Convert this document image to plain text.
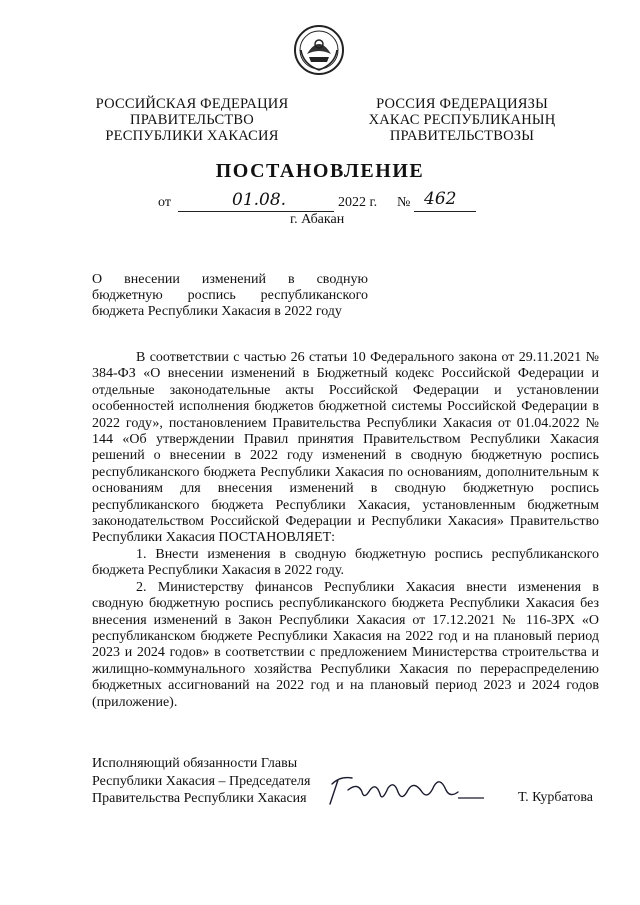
РОССИЙСКАЯ ФЕДЕРАЦИЯ
ПРАВИТЕЛЬСТВО
РЕСПУБЛИКИ ХАКАСИЯ
РОССИЯ ФЕДЕРАЦИЯЗЫ
ХАКАС РЕСПУБЛИКАНЫҢ
ПРАВИТЕЛЬСТВОЗЫ
ПОСТАНОВЛЕНИЕ
от	01.08.	2022 г. № 462
г. Абакан
О внесении изменений в сводную бюджетную роспись республиканского бюджета Республики Хакасия в 2022 году

В соответствии с частью 26 статьи 10 Федерального закона от 29.11.2021 № 384-ФЗ «О внесении изменений в Бюджетный кодекс Российской Федерации и отдельные законодательные акты Российской Федерации и установлении особенностей исполнения бюджетов бюджетной системы Российской Федерации в 2022 году», постановлением Правительства Республики Хакасия от 01.04.2022 № 144 «Об утверждении Правил принятия Правительством Республики Хакасия решений о внесении в 2022 году изменений в сводную бюджетную роспись республиканского бюджета Республики Хакасия по основаниям, дополнительным к основаниям для внесения изменений в сводную бюджетную роспись республиканского бюджета Республики Хакасия, установленным бюджетным законодательством Российской Федерации и Республики Хакасия» Правительство Республики Хакасия ПОСТАНОВЛЯЕТ:

1. Внести изменения в сводную бюджетную роспись республиканского бюджета Республики Хакасия в 2022 году.

2. Министерству финансов Республики Хакасия внести изменения в сводную бюджетную роспись республиканского бюджета Республики Хакасия без внесения изменений в Закон Республики Хакасия от 17.12.2021 № 116-ЗРХ «О республиканском бюджете Республики Хакасия на 2022 год и на плановый период 2023 и 2024 годов» в соответствии с предложением Министерства строительства и жилищно-коммунального хозяйства Республики Хакасия по перераспределению бюджетных ассигнований на 2022 год и на плановый период 2023 и 2024 годов (приложение).

Исполняющий обязанности Главы
Республики Хакасия – Председателя
Правительства Республики Хакасия	Т. Курбатова
